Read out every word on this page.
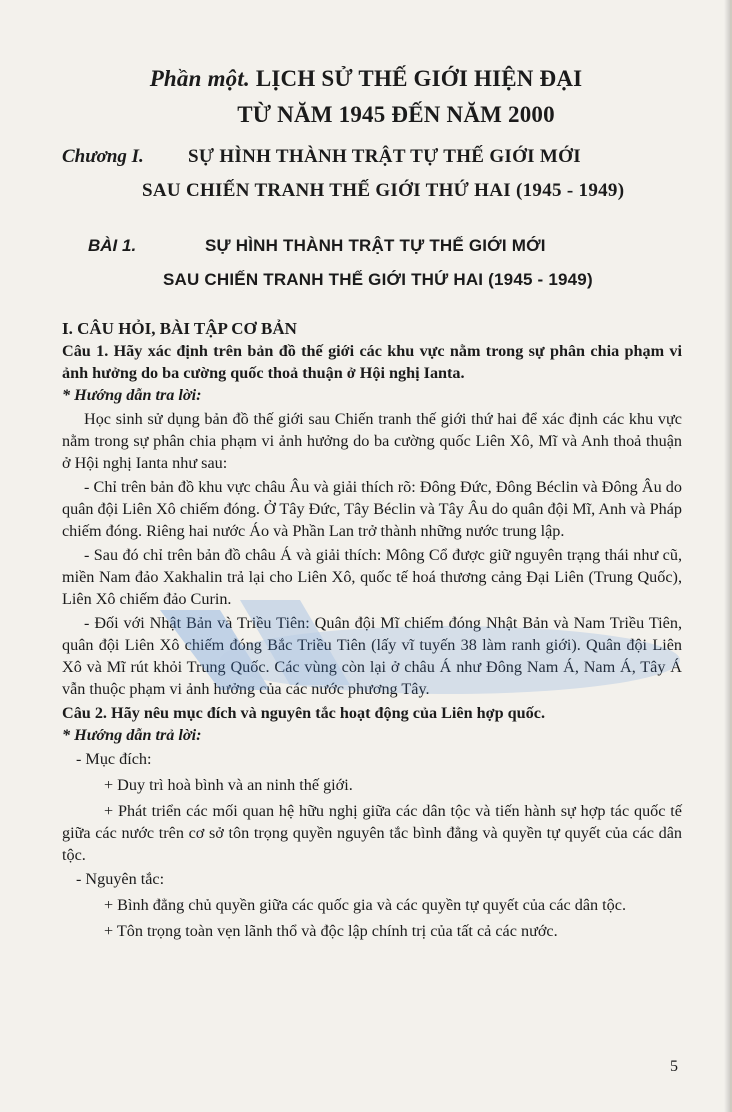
Phần một. LỊCH SỬ THẾ GIỚI HIỆN ĐẠI
TỪ NĂM 1945 ĐẾN NĂM 2000
Chương I. SỰ HÌNH THÀNH TRẬT TỰ THẾ GIỚI MỚI
SAU CHIẾN TRANH THẾ GIỚI THỨ HAI (1945 - 1949)
BÀI 1.	SỰ HÌNH THÀNH TRẬT TỰ THẾ GIỚI MỚI
SAU CHIẾN TRANH THẾ GIỚI THỨ HAI (1945 - 1949)
I. CÂU HỎI, BÀI TẬP CƠ BẢN
Câu 1. Hãy xác định trên bản đồ thế giới các khu vực nằm trong sự phân chia phạm vi ảnh hưởng do ba cường quốc thoả thuận ở Hội nghị Ianta.
* Hướng dẫn tra lời:
Học sinh sử dụng bản đồ thế giới sau Chiến tranh thế giới thứ hai để xác định các khu vực nằm trong sự phân chia phạm vi ảnh hưởng do ba cường quốc Liên Xô, Mĩ và Anh thoả thuận ở Hội nghị Ianta như sau:
- Chỉ trên bản đồ khu vực châu Âu và giải thích rõ: Đông Đức, Đông Béclin và Đông Âu do quân đội Liên Xô chiếm đóng. Ở Tây Đức, Tây Béclin và Tây Âu do quân đội Mĩ, Anh và Pháp chiếm đóng. Riêng hai nước Áo và Phần Lan trở thành những nước trung lập.
- Sau đó chỉ trên bản đồ châu Á và giải thích: Mông Cổ được giữ nguyên trạng thái như cũ, miền Nam đảo Xakhalin trả lại cho Liên Xô, quốc tế hoá thương cảng Đại Liên (Trung Quốc), Liên Xô chiếm đảo Curin.
- Đối với Nhật Bản và Triều Tiên: Quân đội Mĩ chiếm đóng Nhật Bản và Nam Triều Tiên, quân đội Liên Xô chiếm đóng Bắc Triều Tiên (lấy vĩ tuyến 38 làm ranh giới). Quân đội Liên Xô và Mĩ rút khỏi Trung Quốc. Các vùng còn lại ở châu Á như Đông Nam Á, Nam Á, Tây Á vẫn thuộc phạm vi ảnh hưởng của các nước phương Tây.
Câu 2. Hãy nêu mục đích và nguyên tắc hoạt động của Liên hợp quốc.
* Hướng dẫn trả lời:
- Mục đích:
+ Duy trì hoà bình và an ninh thế giới.
+ Phát triển các mối quan hệ hữu nghị giữa các dân tộc và tiến hành sự hợp tác quốc tế giữa các nước trên cơ sở tôn trọng quyền nguyên tắc bình đẳng và quyền tự quyết của các dân tộc.
- Nguyên tắc:
+ Bình đẳng chủ quyền giữa các quốc gia và các quyền tự quyết của các dân tộc.
+ Tôn trọng toàn vẹn lãnh thổ và độc lập chính trị của tất cả các nước.
5
